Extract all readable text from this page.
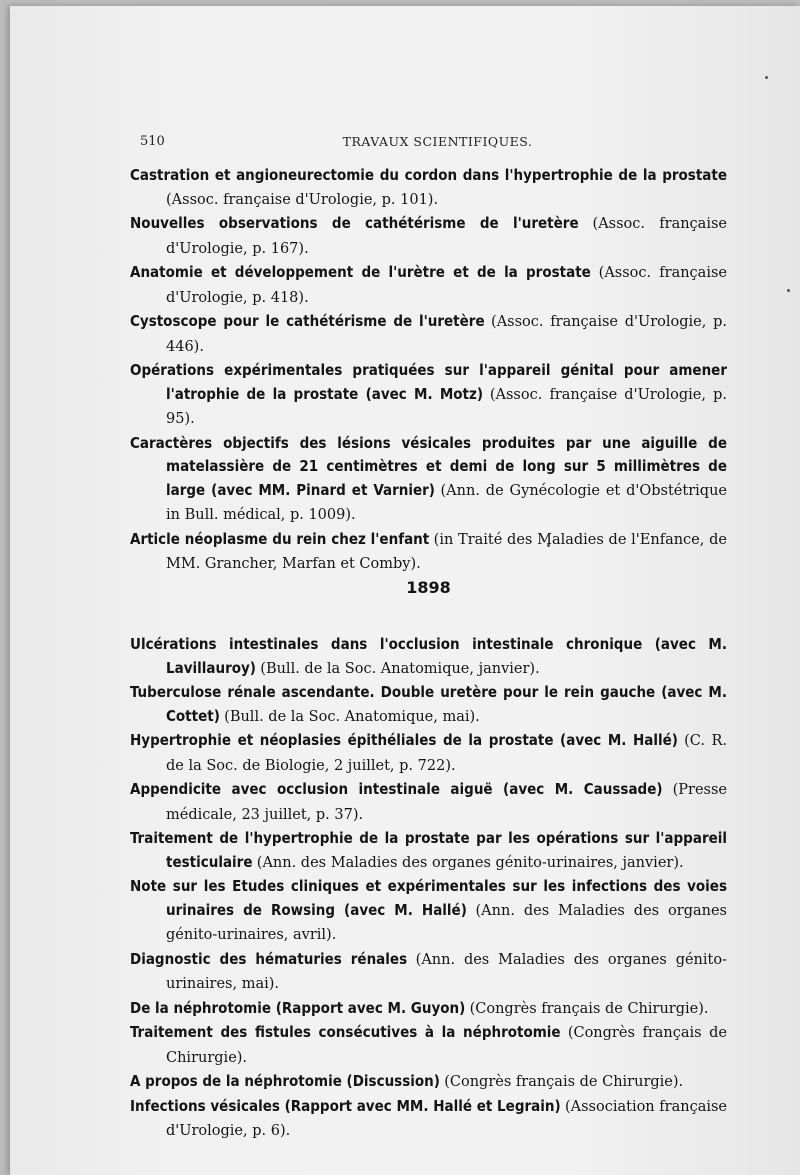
510	TRAVAUX SCIENTIFIQUES.

Castration et angioneurectomie du cordon dans l'hypertrophie de la prostate (Assoc. française d'Urologie, p. 101).

Nouvelles observations de cathétérisme de l'uretère (Assoc. française d'Urologie, p. 167).

Anatomie et développement de l'urètre et de la prostate (Assoc. française d'Urologie, p. 418).

Cystoscope pour le cathétérisme de l'uretère (Assoc. française d'Urologie, p. 446).

Opérations expérimentales pratiquées sur l'appareil génital pour amener l'atrophie de la prostate (avec M. Motz) (Assoc. française d'Urologie, p. 95).

Caractères objectifs des lésions vésicales produites par une aiguille de matelassière de 21 centimètres et demi de long sur 5 millimètres de large (avec MM. Pinard et Varnier) (Ann. de Gynécologie et d'Obstétrique in Bull. médical, p. 1009).

Article néoplasme du rein chez l'enfant (in Traité des Maladies de l'Enfance, de MM. Grancher, Marfan et Comby).

1898

Ulcérations intestinales dans l'occlusion intestinale chronique (avec M. Lavillauroy) (Bull. de la Soc. Anatomique, janvier).

Tuberculose rénale ascendante. Double uretère pour le rein gauche (avec M. Cottet) (Bull. de la Soc. Anatomique, mai).

Hypertrophie et néoplasies épithéliales de la prostate (avec M. Hallé) (C. R. de la Soc. de Biologie, 2 juillet, p. 722).

Appendicite avec occlusion intestinale aiguë (avec M. Caussade) (Presse médicale, 23 juillet, p. 37).

Traitement de l'hypertrophie de la prostate par les opérations sur l'appareil testiculaire (Ann. des Maladies des organes génito-urinaires, janvier).

Note sur les Etudes cliniques et expérimentales sur les infections des voies urinaires de Rowsing (avec M. Hallé) (Ann. des Maladies des organes génito-urinaires, avril).

Diagnostic des hématuries rénales (Ann. des Maladies des organes génito-urinaires, mai).

De la néphrotomie (Rapport avec M. Guyon) (Congrès français de Chirurgie).

Traitement des fistules consécutives à la néphrotomie (Congrès français de Chirurgie).

A propos de la néphrotomie (Discussion) (Congrès français de Chirurgie).

Infections vésicales (Rapport avec MM. Hallé et Legrain) (Association française d'Urologie, p. 6).
